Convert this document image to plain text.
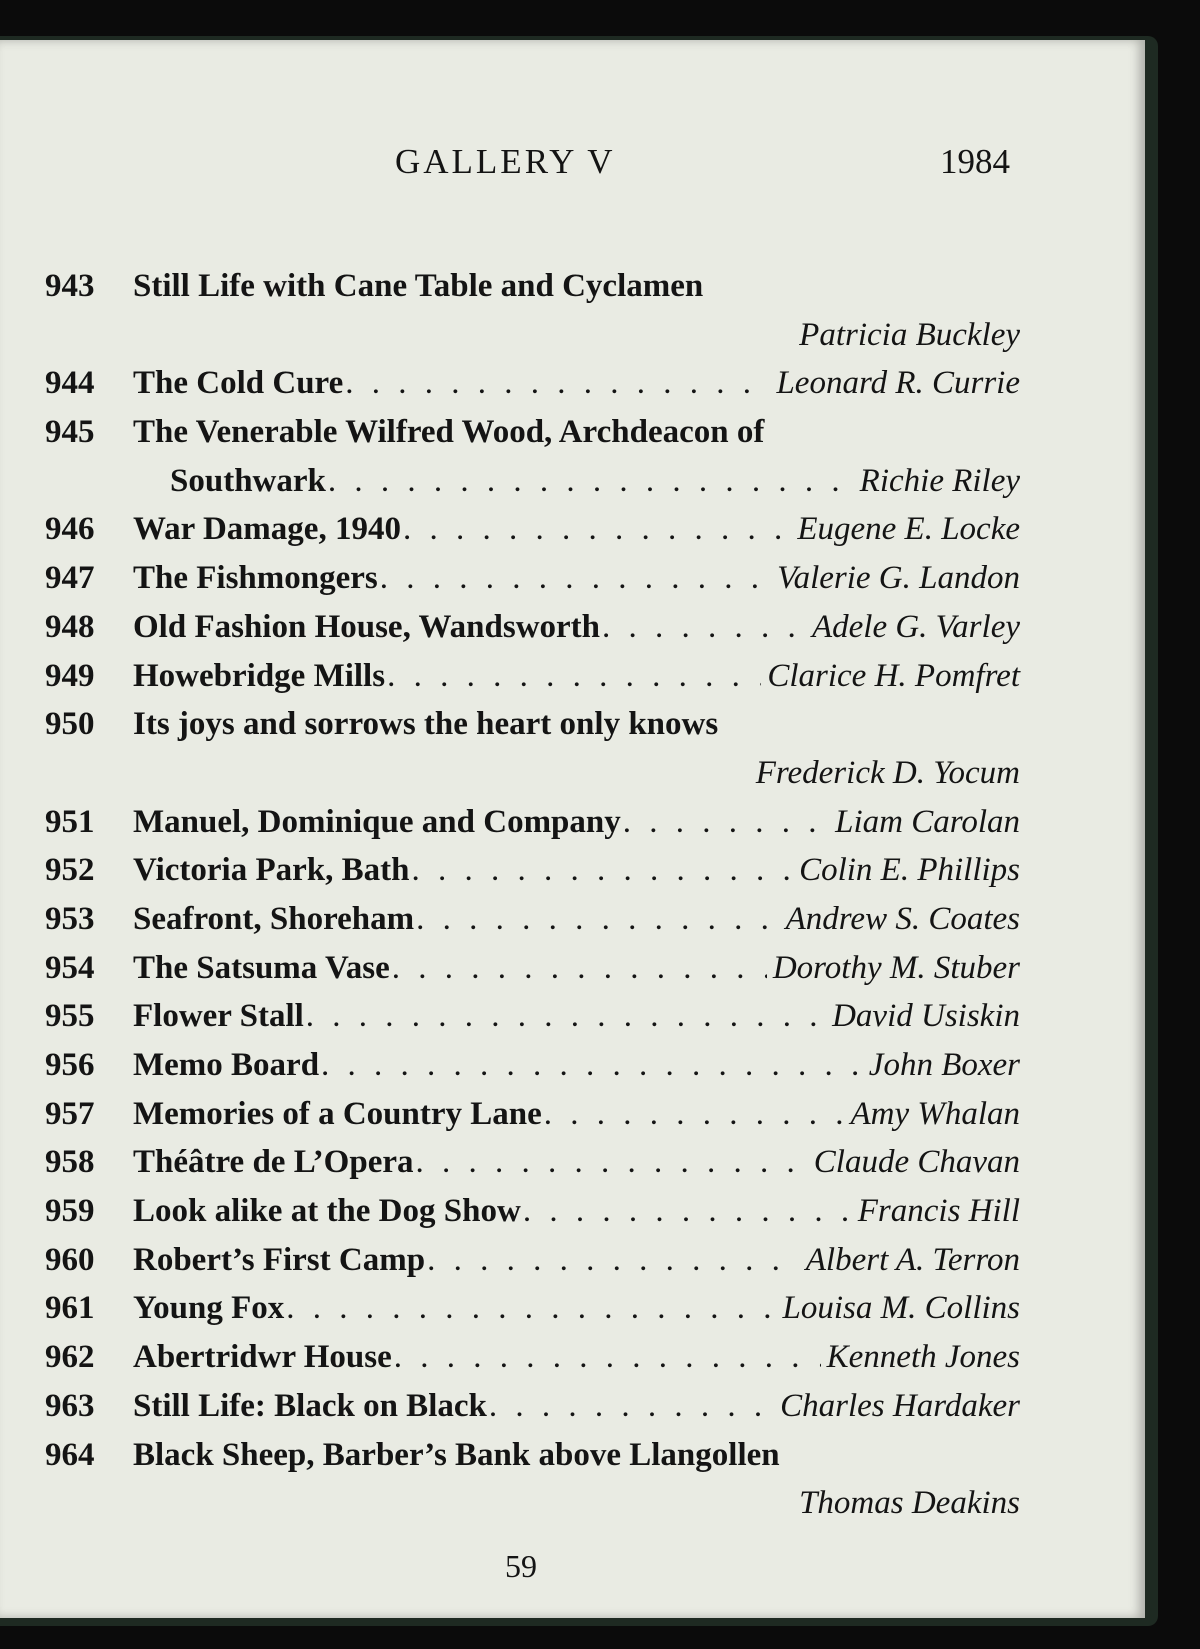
GALLERY V	1984
943	Still Life with Cane Table and Cyclamen
Patricia Buckley
944	The Cold Cure . . .	Leonard R. Currie
945	The Venerable Wilfred Wood, Archdeacon of
Southwark . . .	Richie Riley
946	War Damage, 1940 . . .	Eugene E. Locke
947	The Fishmongers . . .	Valerie G. Landon
948	Old Fashion House, Wandsworth . . .	Adele G. Varley
949	Howebridge Mills . . .	Clarice H. Pomfret
950	Its joys and sorrows the heart only knows
Frederick D. Yocum
951	Manuel, Dominique and Company . . .	Liam Carolan
952	Victoria Park, Bath . . .	Colin E. Phillips
953	Seafront, Shoreham . . .	Andrew S. Coates
954	The Satsuma Vase . . .	Dorothy M. Stuber
955	Flower Stall . . .	David Usiskin
956	Memo Board . . .	John Boxer
957	Memories of a Country Lane . . .	Amy Whalan
958	Théâtre de L’Opera . . .	Claude Chavan
959	Look alike at the Dog Show . . .	Francis Hill
960	Robert’s First Camp . . .	Albert A. Terron
961	Young Fox . . .	Louisa M. Collins
962	Abertridwr House . . .	Kenneth Jones
963	Still Life: Black on Black . . .	Charles Hardaker
964	Black Sheep, Barber’s Bank above Llangollen
Thomas Deakins
59
